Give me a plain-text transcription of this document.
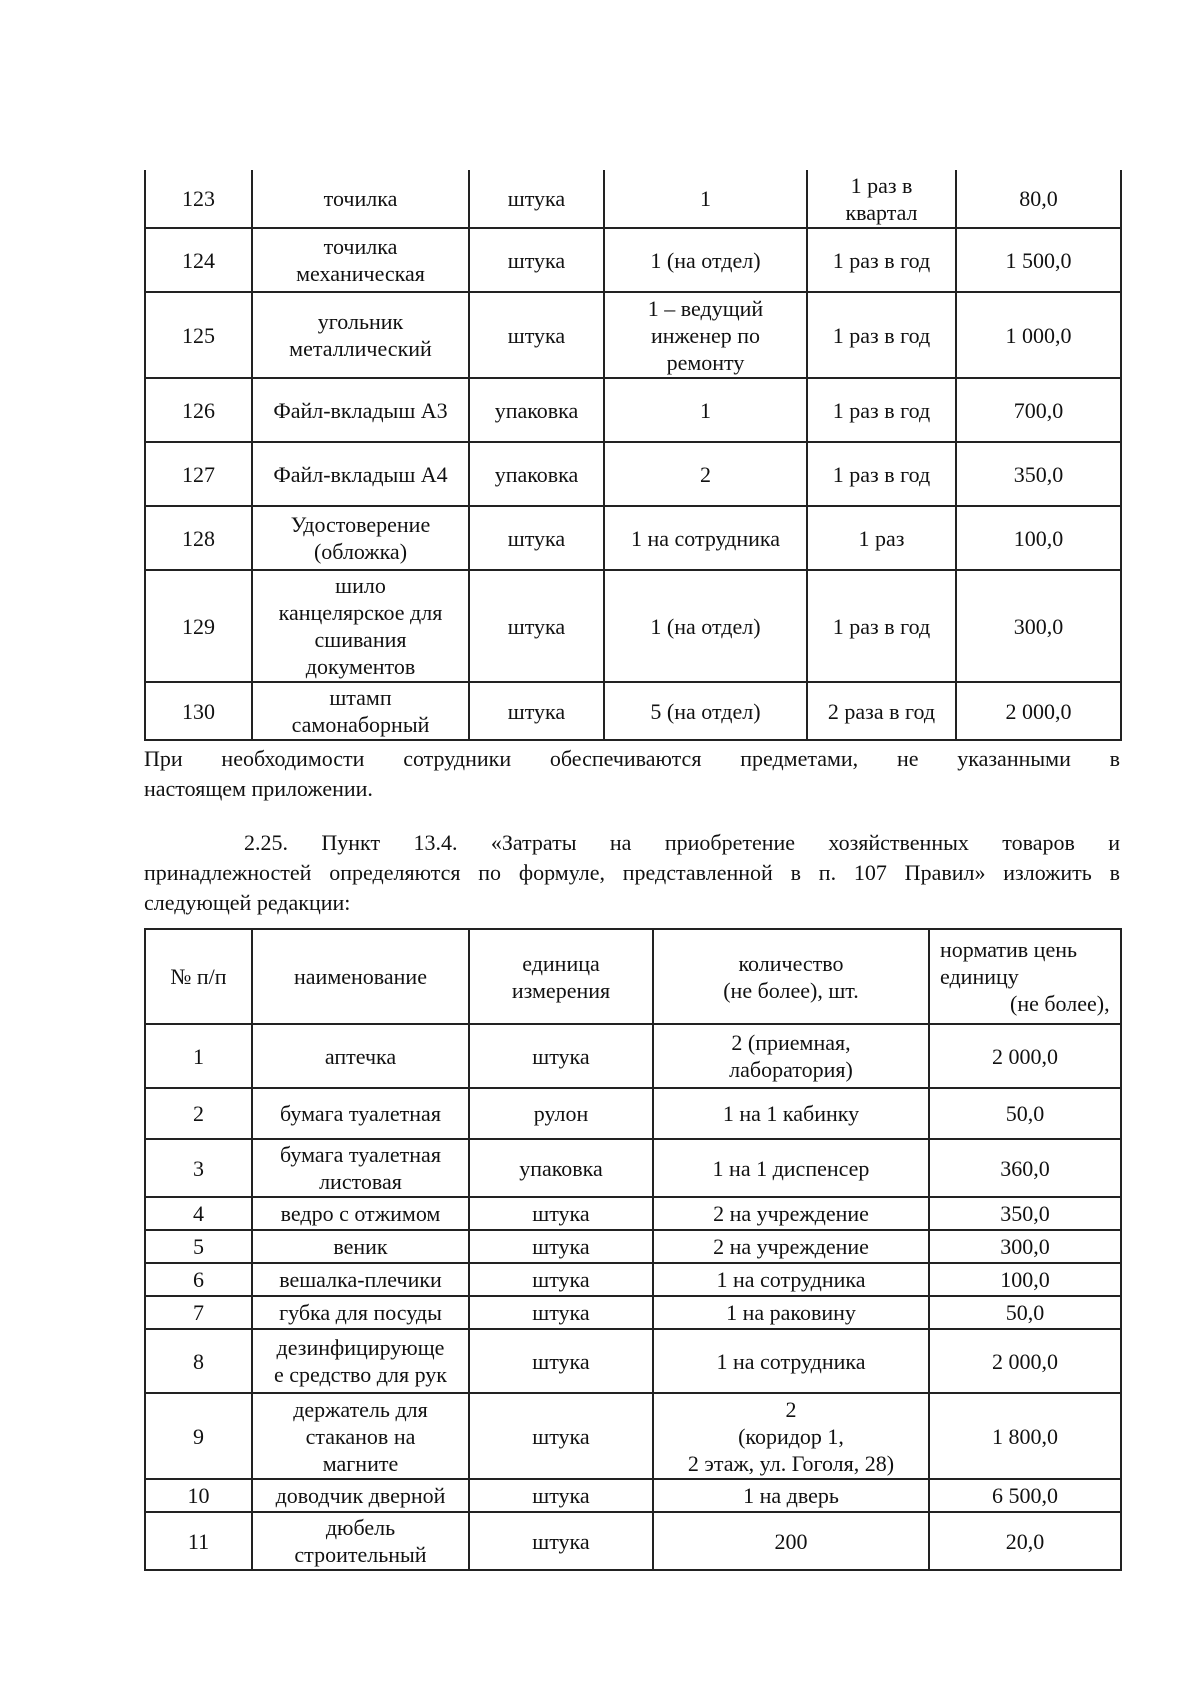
123	точилка	штука	1	1 раз в
квартал	80,0

124	точилка
механическая	штука	1 (на отдел)	1 раз в год	1 500,0

125	угольник
металлический	штука	1 – ведущий
инженер по
ремонту	1 раз в год	1 000,0

126	Файл-вкладыш А3	упаковка	1	1 раз в год	700,0

127	Файл-вкладыш А4	упаковка	2	1 раз в год	350,0

128	Удостоверение
(обложка)	штука	1 на сотрудника	1 раз	100,0

129	шило
канцелярское для
сшивания
документов	штука	1 (на отдел)	1 раз в год	300,0

130	штамп
самонаборный	штука	5 (на отдел)	2 раза в год	2 000,0
При необходимости сотрудники обеспечиваются предметами, не указанными в
настоящем приложении.
2.25. Пункт 13.4. «Затраты на приобретение хозяйственных товаров и
принадлежностей определяются по формуле, представленной в п. 107 Правил» изложить в
следующей редакции:
№ п/п	наименование	единица
измерения	количество
(не более), шт.	норматив цень
единицу
(не более),

1	аптечка	штука	2 (приемная,
лаборатория)	2 000,0

2	бумага туалетная	рулон	1 на 1 кабинку	50,0

3	бумага туалетная
листовая	упаковка	1 на 1 диспенсер	360,0

4	ведро с отжимом	штука	2 на учреждение	350,0

5	веник	штука	2 на учреждение	300,0

6	вешалка-плечики	штука	1 на сотрудника	100,0

7	губка для посуды	штука	1 на раковину	50,0

8	дезинфицирующе
е средство для рук	штука	1 на сотрудника	2 000,0

9	держатель для
стаканов на
магните	штука	2
(коридор 1,
2 этаж, ул. Гоголя, 28)	1 800,0

10	доводчик дверной	штука	1 на дверь	6 500,0

11	дюбель
строительный	штука	200	20,0
